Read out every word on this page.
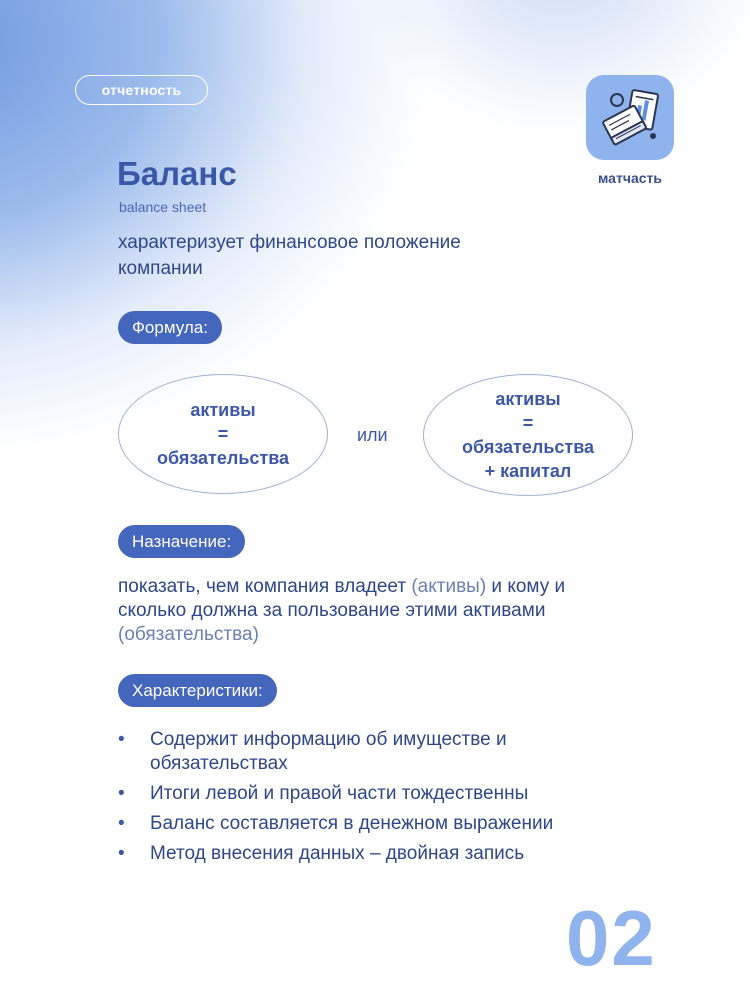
отчетность
матчасть
Баланс
balance sheet
характеризует финансовое положение компании
Формула:
активы
=
обязательства
или
активы
=
обязательства
+ капитал
Назначение:
показать, чем компания владеет (активы) и кому и сколько должна за пользование этими активами (обязательства)
Характеристики:
• Содержит информацию об имуществе и обязательствах
• Итоги левой и правой части тождественны
• Баланс составляется в денежном выражении
• Метод внесения данных – двойная запись
02
